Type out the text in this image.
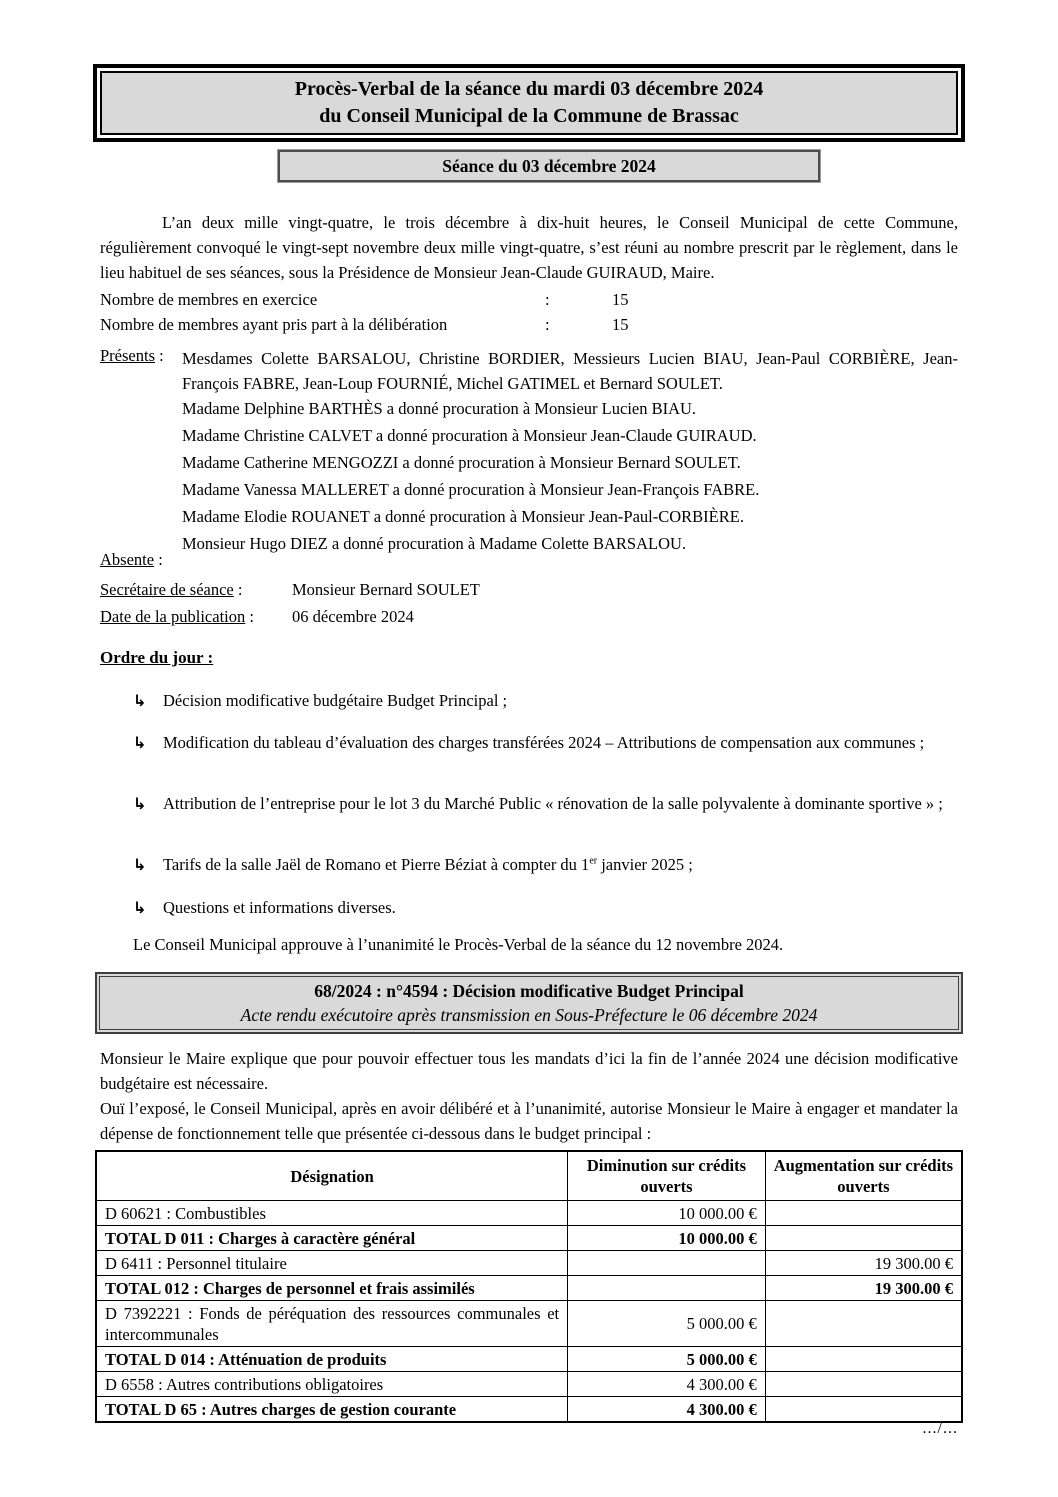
Procès-Verbal de la séance du mardi 03 décembre 2024
du Conseil Municipal de la Commune de Brassac
Séance du 03 décembre 2024

L’an deux mille vingt-quatre, le trois décembre à dix-huit heures, le Conseil Municipal de cette Commune, régulièrement convoqué le vingt-sept novembre deux mille vingt-quatre, s’est réuni au nombre prescrit par le règlement, dans le lieu habituel de ses séances, sous la Présidence de Monsieur Jean-Claude GUIRAUD, Maire.

Nombre de membres en exercice	:	15
Nombre de membres ayant pris part à la délibération	:	15
Présents :	Mesdames Colette BARSALOU, Christine BORDIER, Messieurs Lucien BIAU, Jean-Paul CORBIÈRE, Jean-François FABRE, Jean-Loup FOURNIÉ, Michel GATIMEL et Bernard SOULET.

Madame Delphine BARTHÈS a donné procuration à Monsieur Lucien BIAU.

Madame Christine CALVET a donné procuration à Monsieur Jean-Claude GUIRAUD.

Madame Catherine MENGOZZI a donné procuration à Monsieur Bernard SOULET.

Madame Vanessa MALLERET a donné procuration à Monsieur Jean-François FABRE.

Madame Elodie ROUANET a donné procuration à Monsieur Jean-Paul-CORBIÈRE.

Monsieur Hugo DIEZ a donné procuration à Madame Colette BARSALOU.

Absente :
Secrétaire de séance :	Monsieur Bernard SOULET
Date de la publication :	06 décembre 2024
Ordre du jour :
↳	Décision modificative budgétaire Budget Principal ;

↳	Modification du tableau d’évaluation des charges transférées 2024 – Attributions de compensation aux communes ;

↳	Attribution de l’entreprise pour le lot 3 du Marché Public « rénovation de la salle polyvalente à dominante sportive » ;

↳	Tarifs de la salle Jaël de Romano et Pierre Béziat à compter du 1er janvier 2025 ;

↳	Questions et informations diverses.

Le Conseil Municipal approuve à l’unanimité le Procès-Verbal de la séance du 12 novembre 2024.

68/2024 : n°4594 : Décision modificative Budget Principal
Acte rendu exécutoire après transmission en Sous-Préfecture le 06 décembre 2024

Monsieur le Maire explique que pour pouvoir effectuer tous les mandats d’ici la fin de l’année 2024 une décision modificative budgétaire est nécessaire.

Ouï l’exposé, le Conseil Municipal, après en avoir délibéré et à l’unanimité, autorise Monsieur le Maire à engager et mandater la dépense de fonctionnement telle que présentée ci-dessous dans le budget principal :

Désignation	Diminution sur crédits ouverts	Augmentation sur crédits ouverts
D 60621 : Combustibles	10 000.00 €	
TOTAL D 011 : Charges à caractère général	10 000.00 €	
D 6411 : Personnel titulaire		19 300.00 €
TOTAL 012 : Charges de personnel et frais assimilés		19 300.00 €
D 7392221 : Fonds de péréquation des ressources communales et intercommunales	5 000.00 €	
TOTAL D 014 : Atténuation de produits	5 000.00 €	
D 6558 : Autres contributions obligatoires	4 300.00 €	
TOTAL D 65 : Autres charges de gestion courante	4 300.00 €	
.../...
